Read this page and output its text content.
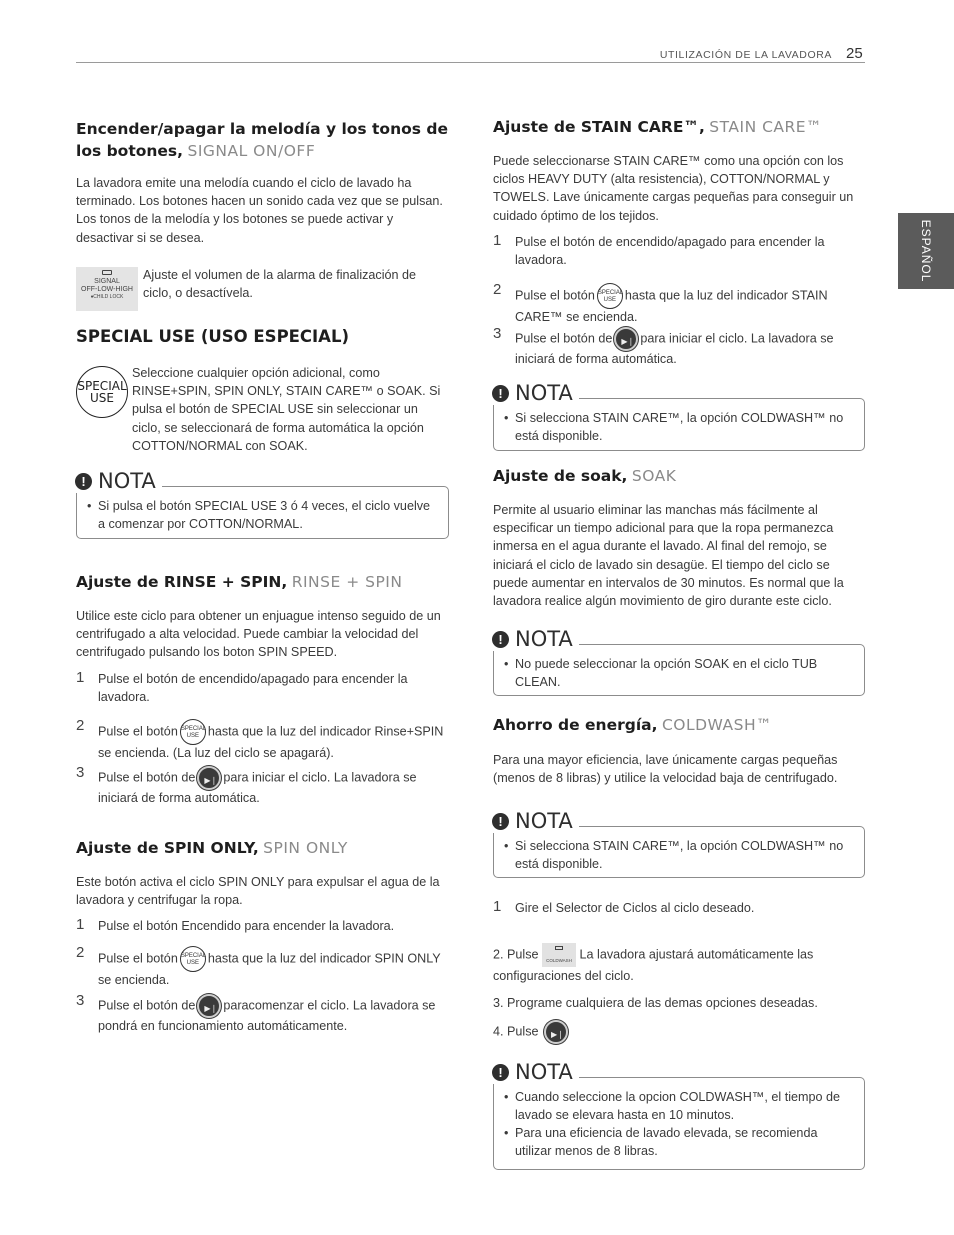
UTILIZACIÓN DE LA LAVADORA 25
ESPAÑOL
Encender/apagar la melodía y los tonos de los botones, SIGNAL ON/OFF
La lavadora emite una melodía cuando el ciclo de lavado ha terminado. Los botones hacen un sonido cada vez que se pulsan. Los tonos de la melodía y los botones se puede activar y desactivar si se desea.
SIGNAL
OFF-LOW-HIGH
♦CHILD LOCK
Ajuste el volumen de la alarma de finalización de ciclo, o desactívela.
SPECIAL USE (USO ESPECIAL)
SPECIAL
USE
Seleccione cualquier opción adicional, como RINSE+SPIN, SPIN ONLY, STAIN CARE™ o SOAK. Si pulsa el botón de SPECIAL USE sin seleccionar un ciclo, se seleccionará de forma automática la opción COTTON/NORMAL con SOAK.
! NOTA
• Si pulsa el botón SPECIAL USE 3 ó 4 veces, el ciclo vuelve a comenzar por COTTON/NORMAL.
Ajuste de RINSE + SPIN, RINSE + SPIN
Utilice este ciclo para obtener un enjuague intenso seguido de un centrifugado a alta velocidad. Puede cambiar la velocidad del centrifugado pulsando los boton SPIN SPEED.
1 Pulse el botón de encendido/apagado para encender la lavadora.
2 Pulse el botón SPECIAL
USE hasta que la luz del indicador Rinse+SPIN se encienda. (La luz del ciclo se apagará).
3 Pulse el botón de ▶❘ para iniciar el ciclo. La lavadora se iniciará de forma automática.
Ajuste de SPIN ONLY, SPIN ONLY
Este botón activa el ciclo SPIN ONLY para expulsar el agua de la lavadora y centrifugar la ropa.
1 Pulse el botón Encendido para encender la lavadora.
2 Pulse el botón SPECIAL
USE hasta que la luz del indicador SPIN ONLY se encienda.
3 Pulse el botón de ▶❘ paracomenzar el ciclo. La lavadora se pondrá en funcionamiento automáticamente.
Ajuste de STAIN CARE™, STAIN CARE™
Puede seleccionarse STAIN CARE™ como una opción con los ciclos HEAVY DUTY (alta resistencia), COTTON/NORMAL y TOWELS. Lave únicamente cargas pequeñas para conseguir un cuidado óptimo de los tejidos.
1 Pulse el botón de encendido/apagado para encender la lavadora.
2 Pulse el botón SPECIAL
USE hasta que la luz del indicador STAIN CARE™ se encienda.
3 Pulse el botón de ▶❘ para iniciar el ciclo. La lavadora se iniciará de forma automática.
! NOTA
• Si selecciona STAIN CARE™, la opción COLDWASH™ no está disponible.
Ajuste de soak, SOAK
Permite al usuario eliminar las manchas más fácilmente al especificar un tiempo adicional para que la ropa permanezca inmersa en el agua durante el lavado. Al final del remojo, se iniciará el ciclo de lavado sin desagüe. El tiempo del ciclo se puede aumentar en intervalos de 30 minutos. Es normal que la lavadora realice algún movimiento de giro durante este ciclo.
! NOTA
• No puede seleccionar la opción SOAK en el ciclo TUB CLEAN.
Ahorro de energía, COLDWASH™
Para una mayor eficiencia, lave únicamente cargas pequeñas (menos de 8 libras) y utilice la velocidad baja de centrifugado.
! NOTA
• Si selecciona STAIN CARE™, la opción COLDWASH™ no está disponible.
1 Gire el Selector de Ciclos al ciclo deseado.
2. Pulse	COLDWASH La lavadora ajustará automáticamente las configuraciones del ciclo.
3. Programe cualquiera de las demas opciones deseadas.
4. Pulse ▶❘
! NOTA
• Cuando seleccione la opcion COLDWASH™, el tiempo de lavado se elevara hasta en 10 minutos.
• Para una eficiencia de lavado elevada, se recomienda utilizar menos de 8 libras.
